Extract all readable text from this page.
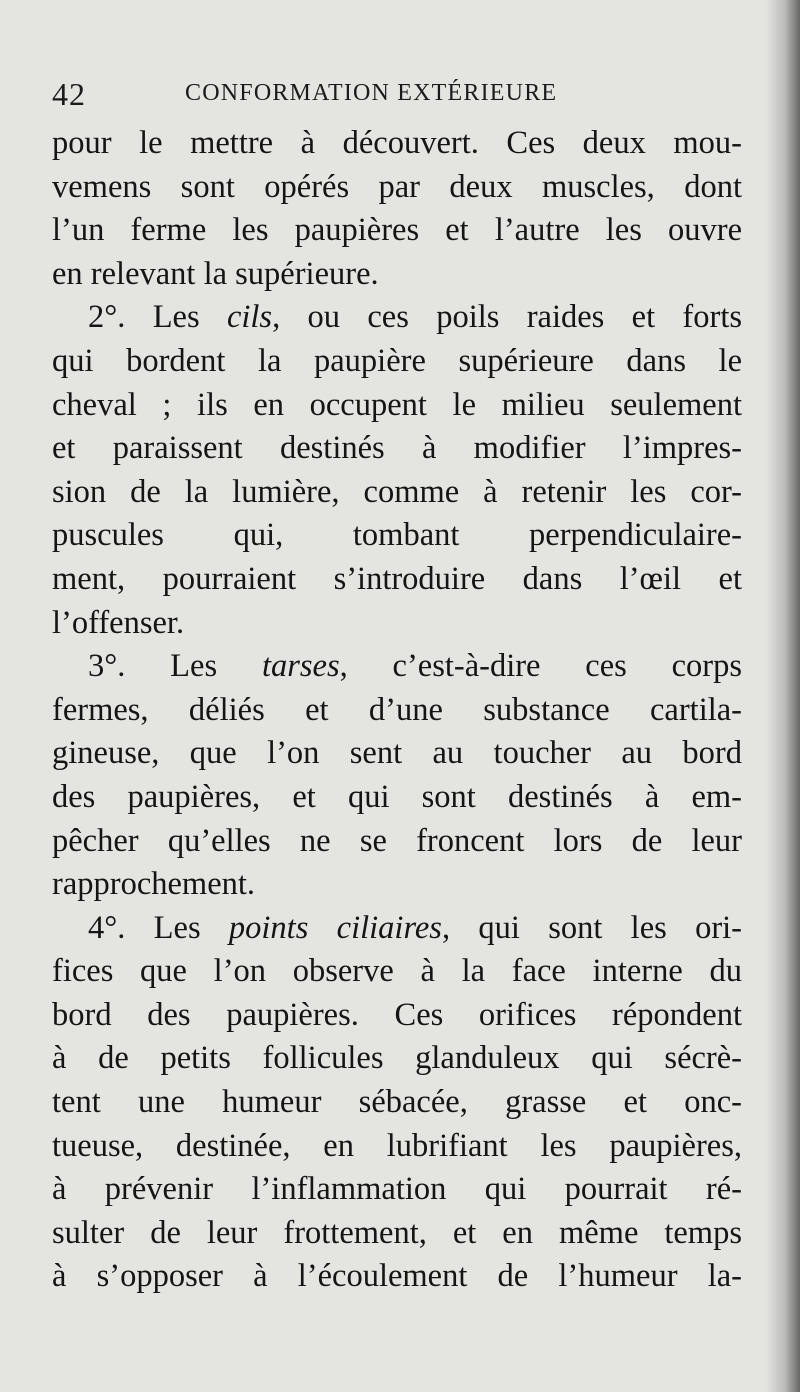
42	CONFORMATION EXTÉRIEURE
pour le mettre à découvert. Ces deux mou-
vemens sont opérés par deux muscles, dont
l’un ferme les paupières et l’autre les ouvre
en relevant la supérieure.
2°. Les cils, ou ces poils raides et forts
qui bordent la paupière supérieure dans le
cheval ; ils en occupent le milieu seulement
et paraissent destinés à modifier l’impres-
sion de la lumière, comme à retenir les cor-
puscules qui, tombant perpendiculaire-
ment, pourraient s’introduire dans l’œil et
l’offenser.
3°. Les tarses, c’est-à-dire ces corps
fermes, déliés et d’une substance cartila-
gineuse, que l’on sent au toucher au bord
des paupières, et qui sont destinés à em-
pêcher qu’elles ne se froncent lors de leur
rapprochement.
4°. Les points ciliaires, qui sont les ori-
fices que l’on observe à la face interne du
bord des paupières. Ces orifices répondent
à de petits follicules glanduleux qui sécrè-
tent une humeur sébacée, grasse et onc-
tueuse, destinée, en lubrifiant les paupières,
à prévenir l’inflammation qui pourrait ré-
sulter de leur frottement, et en même temps
à s’opposer à l’écoulement de l’humeur la-
